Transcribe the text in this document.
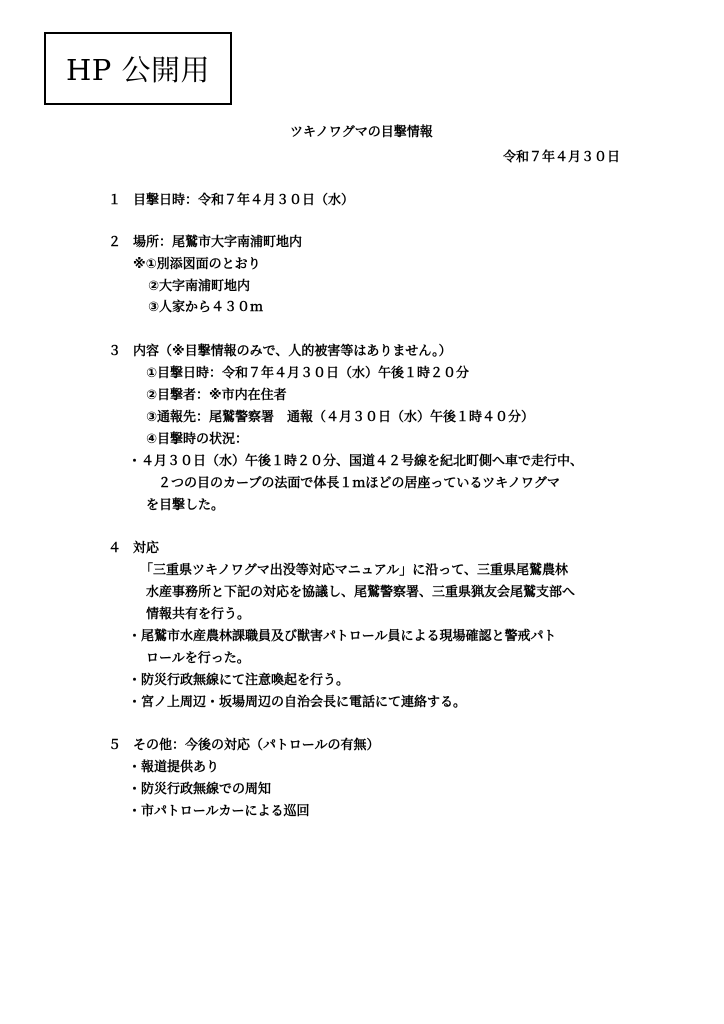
HP 公開用
ツキノワグマの目撃情報
令和７年４月３０日
１ 目撃日時：令和７年４月３０日（水）
２ 場所：尾鷲市大字南浦町地内
※①別添図面のとおり
②大字南浦町地内
③人家から４３０ｍ
３ 内容（※目撃情報のみで、人的被害等はありません。）
①目撃日時：令和７年４月３０日（水）午後１時２０分
②目撃者：※市内在住者
③通報先：尾鷲警察署　通報（４月３０日（水）午後１時４０分）
④目撃時の状況：
・４月３０日（水）午後１時２０分、国道４２号線を紀北町側へ車で走行中、
２つの目のカーブの法面で体長１ｍほどの居座っているツキノワグマ
を目撃した。
４ 対応
「三重県ツキノワグマ出没等対応マニュアル」に沿って、三重県尾鷲農林
水産事務所と下記の対応を協議し、尾鷲警察署、三重県猟友会尾鷲支部へ
情報共有を行う。
・尾鷲市水産農林課職員及び獣害パトロール員による現場確認と警戒パト
ロールを行った。
・防災行政無線にて注意喚起を行う。
・宮ノ上周辺・坂場周辺の自治会長に電話にて連絡する。
５ その他：今後の対応（パトロールの有無）
・報道提供あり
・防災行政無線での周知
・市パトロールカーによる巡回
